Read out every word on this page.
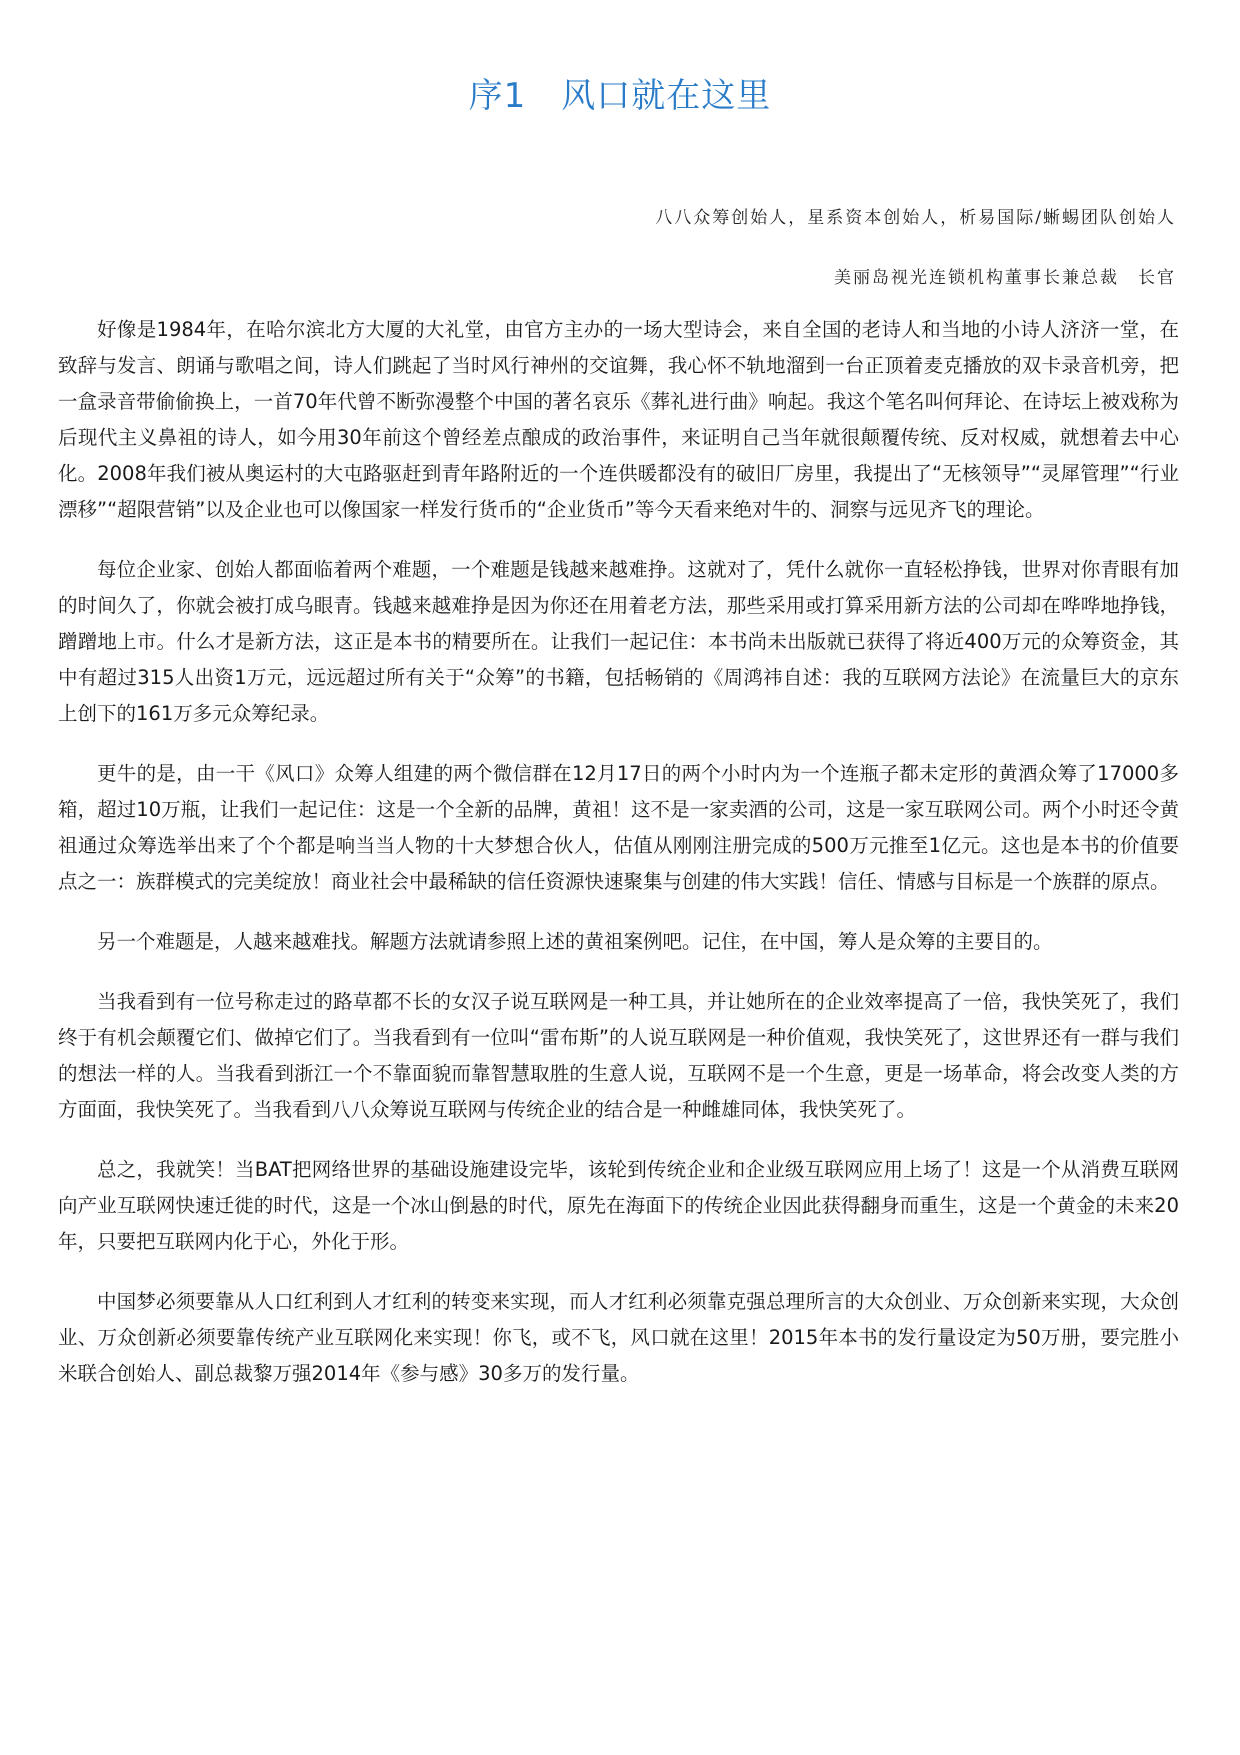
序1　风口就在这里
八八众筹创始人，星系资本创始人，析易国际/蜥蜴团队创始人
美丽岛视光连锁机构董事长兼总裁　长官

好像是1984年，在哈尔滨北方大厦的大礼堂，由官方主办的一场大型诗会，来自全国的老诗人和当地的小诗人济济一堂，在致辞与发言、朗诵与歌唱之间，诗人们跳起了当时风行神州的交谊舞，我心怀不轨地溜到一台正顶着麦克播放的双卡录音机旁，把一盒录音带偷偷换上，一首70年代曾不断弥漫整个中国的著名哀乐《葬礼进行曲》响起。我这个笔名叫何拜论、在诗坛上被戏称为后现代主义鼻祖的诗人，如今用30年前这个曾经差点酿成的政治事件，来证明自己当年就很颠覆传统、反对权威，就想着去中心化。2008年我们被从奥运村的大屯路驱赶到青年路附近的一个连供暖都没有的破旧厂房里，我提出了“无核领导”“灵犀管理”“行业漂移”“超限营销”以及企业也可以像国家一样发行货币的“企业货币”等今天看来绝对牛的、洞察与远见齐飞的理论。

每位企业家、创始人都面临着两个难题，一个难题是钱越来越难挣。这就对了，凭什么就你一直轻松挣钱，世界对你青眼有加的时间久了，你就会被打成乌眼青。钱越来越难挣是因为你还在用着老方法，那些采用或打算采用新方法的公司却在哗哗地挣钱，蹭蹭地上市。什么才是新方法，这正是本书的精要所在。让我们一起记住：本书尚未出版就已获得了将近400万元的众筹资金，其中有超过315人出资1万元，远远超过所有关于“众筹”的书籍，包括畅销的《周鸿祎自述：我的互联网方法论》在流量巨大的京东上创下的161万多元众筹纪录。

更牛的是，由一干《风口》众筹人组建的两个微信群在12月17日的两个小时内为一个连瓶子都未定形的黄酒众筹了17000多箱，超过10万瓶，让我们一起记住：这是一个全新的品牌，黄祖！这不是一家卖酒的公司，这是一家互联网公司。两个小时还令黄祖通过众筹选举出来了个个都是响当当人物的十大梦想合伙人，估值从刚刚注册完成的500万元推至1亿元。这也是本书的价值要点之一：族群模式的完美绽放！商业社会中最稀缺的信任资源快速聚集与创建的伟大实践！信任、情感与目标是一个族群的原点。

另一个难题是，人越来越难找。解题方法就请参照上述的黄祖案例吧。记住，在中国，筹人是众筹的主要目的。

当我看到有一位号称走过的路草都不长的女汉子说互联网是一种工具，并让她所在的企业效率提高了一倍，我快笑死了，我们终于有机会颠覆它们、做掉它们了。当我看到有一位叫“雷布斯”的人说互联网是一种价值观，我快笑死了，这世界还有一群与我们的想法一样的人。当我看到浙江一个不靠面貌而靠智慧取胜的生意人说，互联网不是一个生意，更是一场革命，将会改变人类的方方面面，我快笑死了。当我看到八八众筹说互联网与传统企业的结合是一种雌雄同体，我快笑死了。

总之，我就笑！当BAT把网络世界的基础设施建设完毕，该轮到传统企业和企业级互联网应用上场了！这是一个从消费互联网向产业互联网快速迁徙的时代，这是一个冰山倒悬的时代，原先在海面下的传统企业因此获得翻身而重生，这是一个黄金的未来20年，只要把互联网内化于心，外化于形。

中国梦必须要靠从人口红利到人才红利的转变来实现，而人才红利必须靠克强总理所言的大众创业、万众创新来实现，大众创业、万众创新必须要靠传统产业互联网化来实现！你飞，或不飞，风口就在这里！2015年本书的发行量设定为50万册，要完胜小米联合创始人、副总裁黎万强2014年《参与感》30多万的发行量。
